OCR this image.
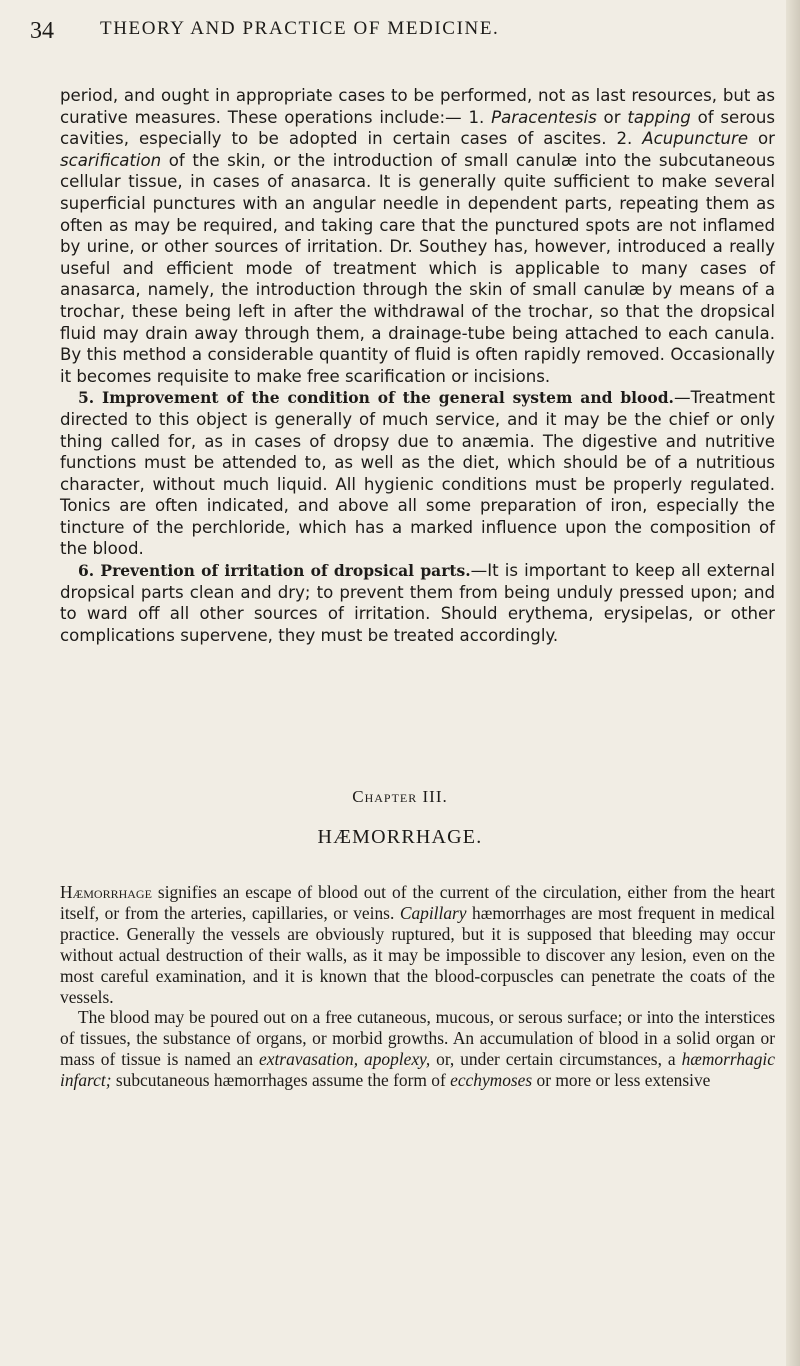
34 THEORY AND PRACTICE OF MEDICINE.

period, and ought in appropriate cases to be performed, not as last resources, but as curative measures. These operations include:— 1. Paracentesis or tapping of serous cavities, especially to be adopted in certain cases of ascites. 2. Acupuncture or scarification of the skin, or the introduction of small canulæ into the subcutaneous cellular tissue, in cases of anasarca. It is generally quite sufficient to make several superficial punctures with an angular needle in dependent parts, repeating them as often as may be required, and taking care that the punctured spots are not inflamed by urine, or other sources of irritation. Dr. Southey has, however, introduced a really useful and efficient mode of treatment which is applicable to many cases of anasarca, namely, the introduction through the skin of small canulæ by means of a trochar, these being left in after the withdrawal of the trochar, so that the dropsical fluid may drain away through them, a drainage-tube being attached to each canula. By this method a considerable quantity of fluid is often rapidly removed. Occasionally it becomes requisite to make free scarification or incisions.

5. Improvement of the condition of the general system and blood.—Treatment directed to this object is generally of much service, and it may be the chief or only thing called for, as in cases of dropsy due to anæmia. The digestive and nutritive functions must be attended to, as well as the diet, which should be of a nutritious character, without much liquid. All hygienic conditions must be properly regulated. Tonics are often indicated, and above all some preparation of iron, especially the tincture of the perchloride, which has a marked influence upon the composition of the blood.

6. Prevention of irritation of dropsical parts.—It is important to keep all external dropsical parts clean and dry; to prevent them from being unduly pressed upon; and to ward off all other sources of irritation. Should erythema, erysipelas, or other complications supervene, they must be treated accordingly.

Chapter III.
HÆMORRHAGE.

Hæmorrhage signifies an escape of blood out of the current of the circulation, either from the heart itself, or from the arteries, capillaries, or veins. Capillary hæmorrhages are most frequent in medical practice. Generally the vessels are obviously ruptured, but it is supposed that bleeding may occur without actual destruction of their walls, as it may be impossible to discover any lesion, even on the most careful examination, and it is known that the blood-corpuscles can penetrate the coats of the vessels.

The blood may be poured out on a free cutaneous, mucous, or serous surface; or into the interstices of tissues, the substance of organs, or morbid growths. An accumulation of blood in a solid organ or mass of tissue is named an extravasation, apoplexy, or, under certain circumstances, a hæmorrhagic infarct; subcutaneous hæmorrhages assume the form of ecchymoses or more or less extensive
